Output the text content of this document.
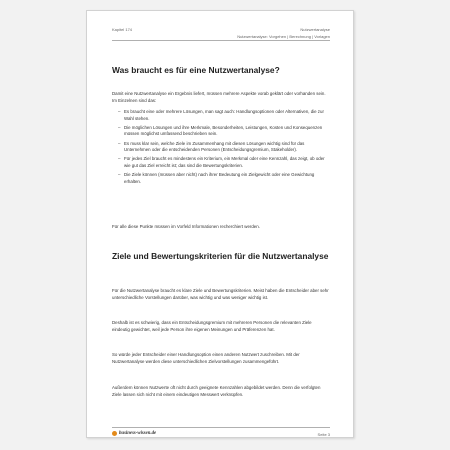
Kapitel 174	Nutzwertanalyse
Nutzwertanalyse: Vorgehen | Berechnung | Vorlagen
Was braucht es für eine Nutzwertanalyse?

Damit eine Nutzwertanalyse ein Ergebnis liefert, müssen mehrere Aspekte vorab geklärt oder vorhanden sein. Im Einzelnen sind das:

– Es braucht eine oder mehrere Lösungen, man sagt auch: Handlungsoptionen oder Alternativen, die zur Wahl stehen.
– Die möglichen Lösungen und ihre Merkmale, Besonderheiten, Leistungen, Kosten und Konsequenzen müssen möglichst umfassend beschrieben sein.
– Es muss klar sein, welche Ziele im Zusammenhang mit diesen Lösungen wichtig sind für das Unternehmen oder die entscheidenden Personen (Entscheidungsgremium, Stakeholder).
– Für jedes Ziel braucht es mindestens ein Kriterium, ein Merkmal oder eine Kennzahl, das zeigt, ob oder wie gut das Ziel erreicht ist; das sind die Bewertungskriterien.
– Die Ziele können (müssen aber nicht) nach ihrer Bedeutung ein Zielgewicht oder eine Gewichtung erhalten.

Für alle diese Punkte müssen im Vorfeld Informationen recherchiert werden.

Ziele und Bewertungskriterien für die Nutzwertanalyse

Für die Nutzwertanalyse braucht es klare Ziele und Bewertungskriterien. Meist haben die Entscheider aber sehr unterschiedliche Vorstellungen darüber, was wichtig und was weniger wichtig ist.

Deshalb ist es schwierig, dass ein Entscheidungsgremium mit mehreren Personen die relevanten Ziele eindeutig gewichtet, weil jede Person ihre eigenen Meinungen und Präferenzen hat.

So würde jeder Entscheider einer Handlungsoption einen anderen Nutzwert zuschreiben. Mit der Nutzwertanalyse werden diese unterschiedlichen Zielvorstellungen zusammengeführt.

Außerdem können Nutzwerte oft nicht durch geeignete Kennzahlen abgebildet werden. Denn die verfolgten Ziele lassen sich nicht mit einem eindeutigen Messwert verknüpfen.

business-wissen.de	Seite 3
